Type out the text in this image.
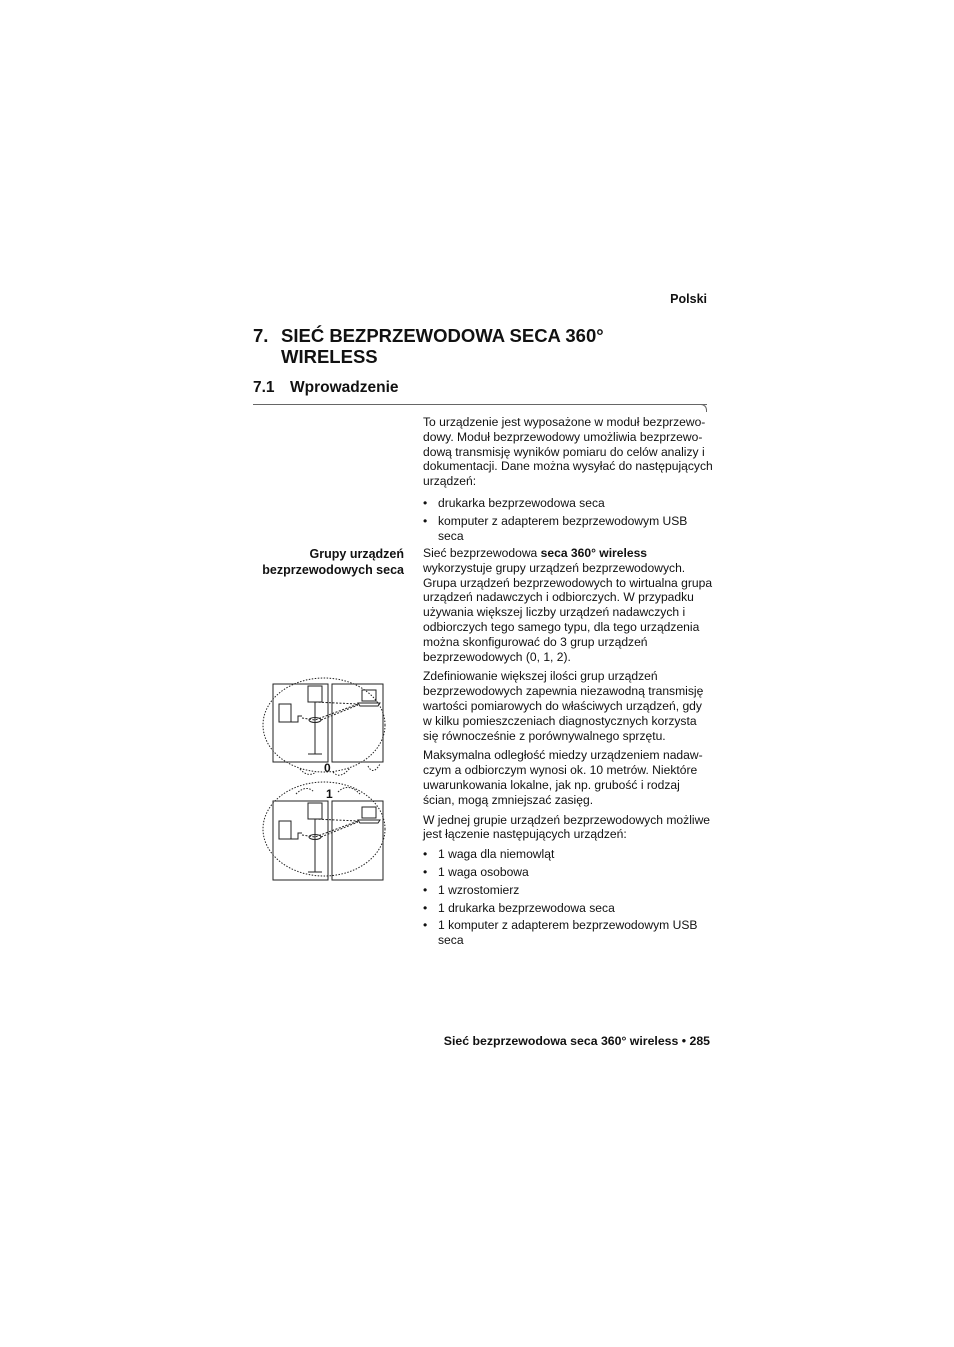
Polski
7. SIEĆ BEZPRZEWODOWA SECA 360° WIRELESS
7.1 Wprowadzenie

To urządzenie jest wyposażone w moduł bezprzewo-dowy. Moduł bezprzewodowy umożliwia bezprzewo-dową transmisję wyników pomiaru do celów analizy i dokumentacji. Dane można wysyłać do następujących urządzeń:

• drukarka bezprzewodowa seca
• komputer z adapterem bezprzewodowym USB seca
Grupy urządzeń bezprzewodowych seca

Sieć bezprzewodowa seca 360° wireless wykorzystuje grupy urządzeń bezprzewodowych. Grupa urządzeń bezprzewodowych to wirtualna grupa urządzeń nadawczych i odbiorczych. W przypadku używania większej liczby urządzeń nadawczych i odbiorczych tego samego typu, dla tego urządzenia można skonfigurować do 3 grup urządzeń bezprzewodowych (0, 1, 2).

Zdefiniowanie większej ilości grup urządzeń bezprzewodowych zapewnia niezawodną transmisję wartości pomiarowych do właściwych urządzeń, gdy w kilku pomieszczeniach diagnostycznych korzysta się równocześnie z porównywalnego sprzętu.

Maksymalna odległość miedzy urządzeniem nadaw-czym a odbiorczym wynosi ok. 10 metrów. Niektóre uwarunkowania lokalne, jak np. grubość i rodzaj ścian, mogą zmniejszać zasięg.

W jednej grupie urządzeń bezprzewodowych możliwe jest łączenie następujących urządzeń:

• 1 waga dla niemowląt
• 1 waga osobowa
• 1 wzrostomierz
• 1 drukarka bezprzewodowa seca
• 1 komputer z adapterem bezprzewodowym USB seca
0
1
Sieć bezprzewodowa seca 360° wireless • 285
